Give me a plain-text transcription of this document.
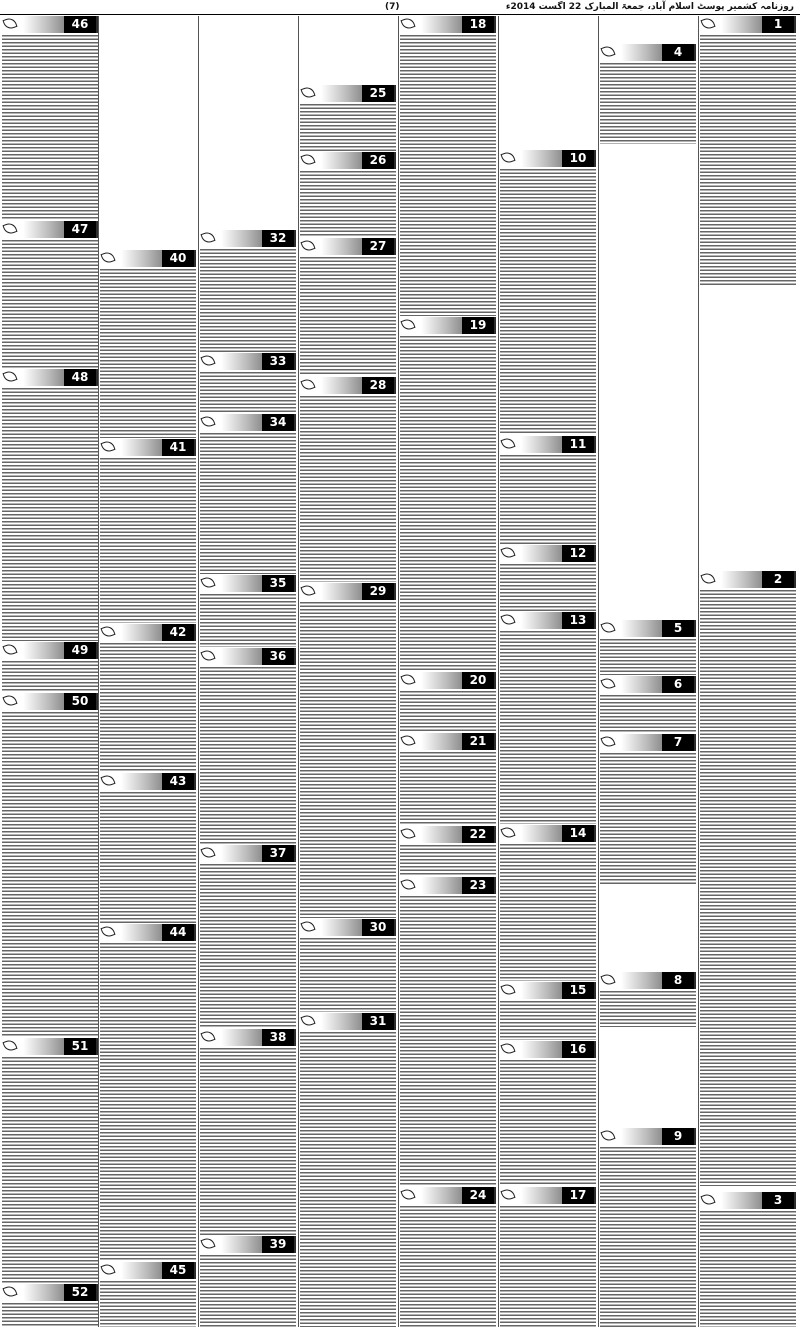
(7)	روزنامہ کشمیر پوسٹ اسلام آباد، جمعۃ المبارک 22 اگست 2014ء
1
2
3
4
5
6
7
8
9
10
11
12
13
14
15
16
17
18
19
20
21
22
23
24
25
26
27
28
29
30
31
32
33
34
35
36
37
38
39
40
41
42
43
44
45
46
47
48
49
50
51
52
